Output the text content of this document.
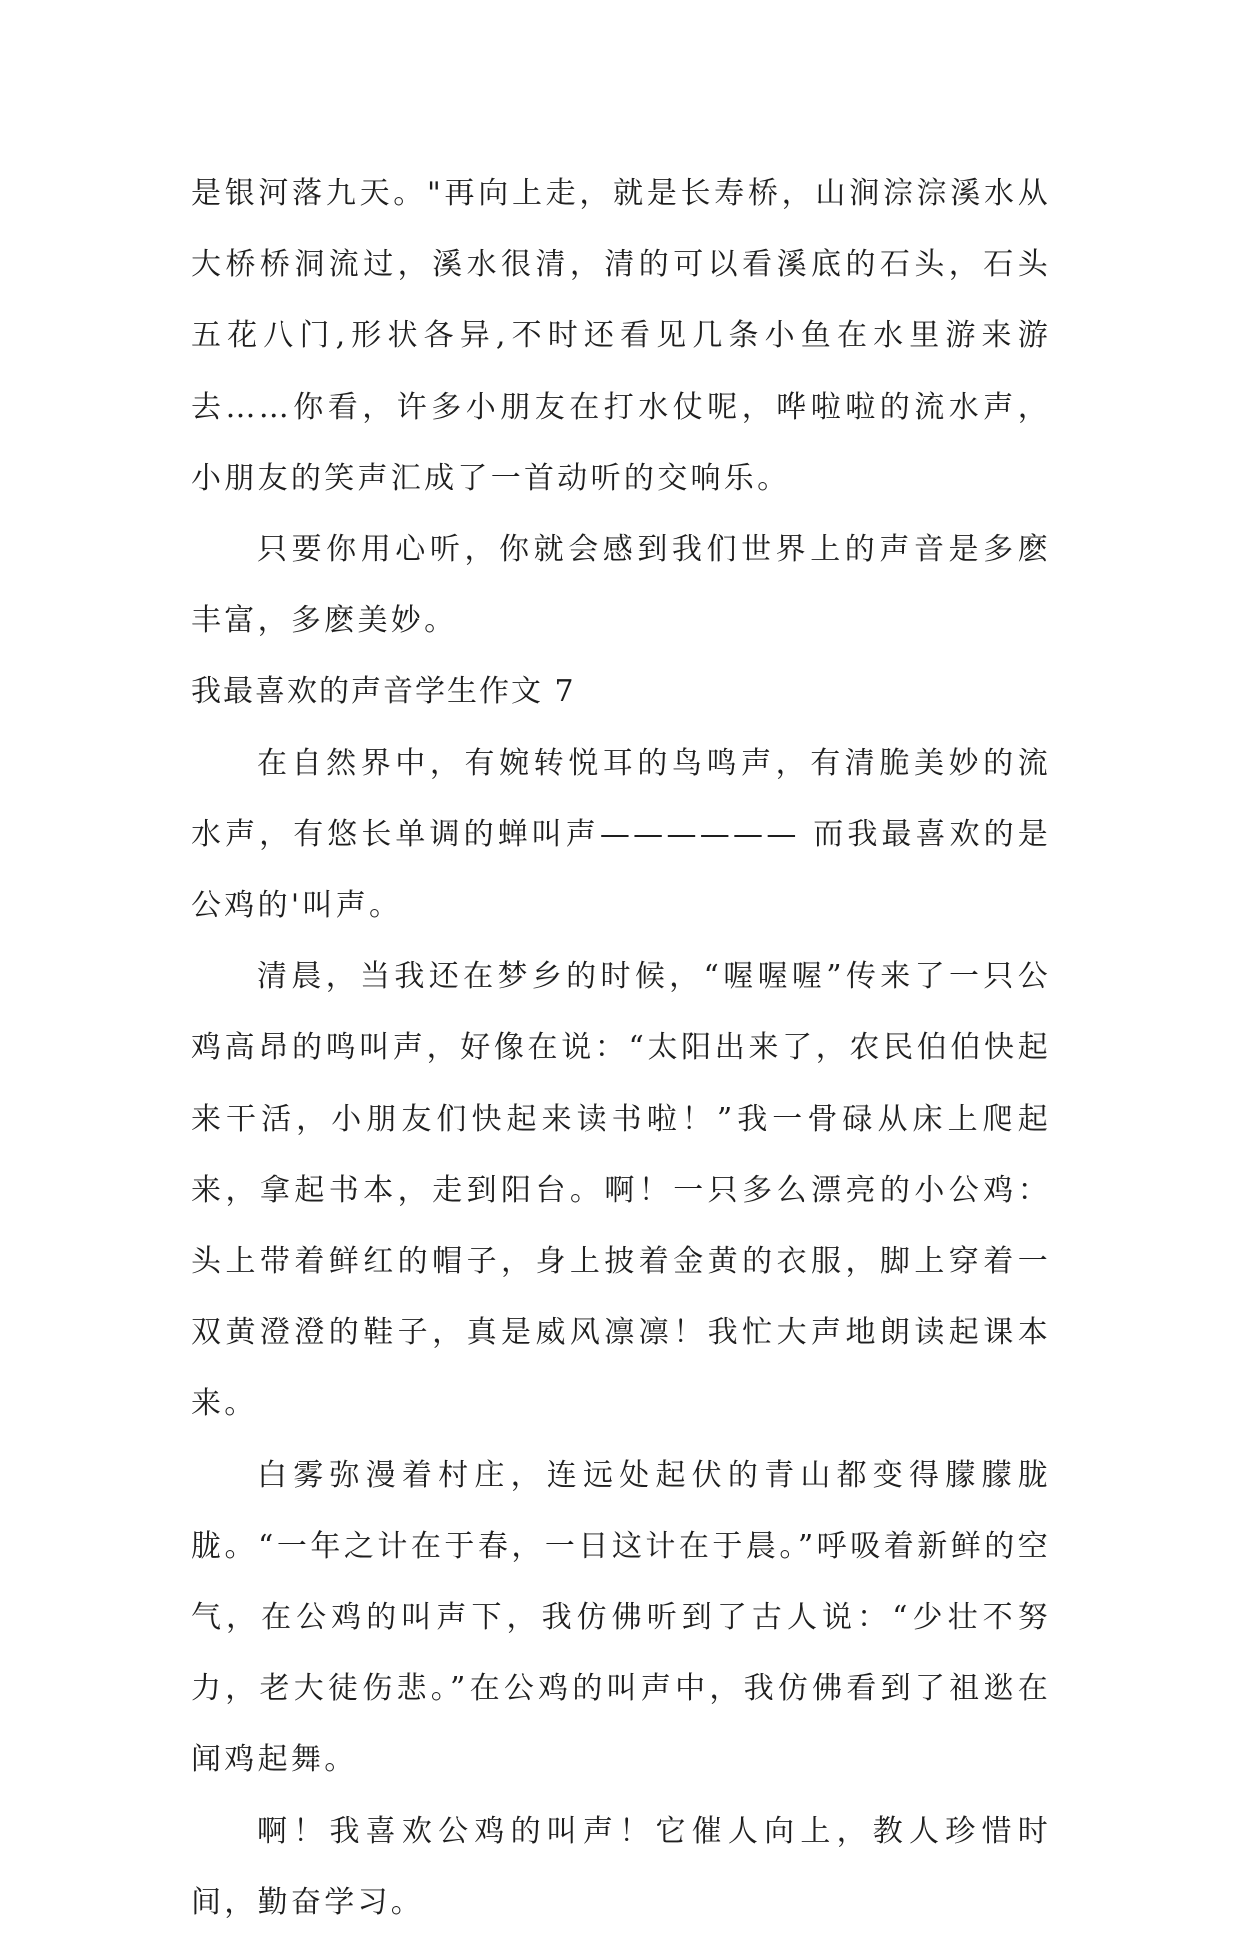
是银河落九天。"再向上走，就是长寿桥，山涧淙淙溪水从大桥桥洞流过，溪水很清，清的可以看溪底的石头，石头五花八门,形状各异,不时还看见几条小鱼在水里游来游去……你看，许多小朋友在打水仗呢，哗啦啦的流水声，小朋友的笑声汇成了一首动听的交响乐。

只要你用心听，你就会感到我们世界上的声音是多麽丰富，多麽美妙。

我最喜欢的声音学生作文 7

在自然界中，有婉转悦耳的鸟鸣声，有清脆美妙的流水声，有悠长单调的蝉叫声—————— 而我最喜欢的是公鸡的'叫声。

清晨，当我还在梦乡的时候，“喔喔喔”传来了一只公鸡高昂的鸣叫声，好像在说：“太阳出来了，农民伯伯快起来干活，小朋友们快起来读书啦！”我一骨碌从床上爬起来，拿起书本，走到阳台。啊！一只多么漂亮的小公鸡：头上带着鲜红的帽子，身上披着金黄的衣服，脚上穿着一双黄澄澄的鞋子，真是威风凛凛！我忙大声地朗读起课本来。

白雾弥漫着村庄，连远处起伏的青山都变得朦朦胧胧。“一年之计在于春，一日这计在于晨。”呼吸着新鲜的空气，在公鸡的叫声下，我仿佛听到了古人说：“少壮不努力，老大徒伤悲。”在公鸡的叫声中，我仿佛看到了祖逖在闻鸡起舞。

啊！我喜欢公鸡的叫声！它催人向上，教人珍惜时间，勤奋学习。
